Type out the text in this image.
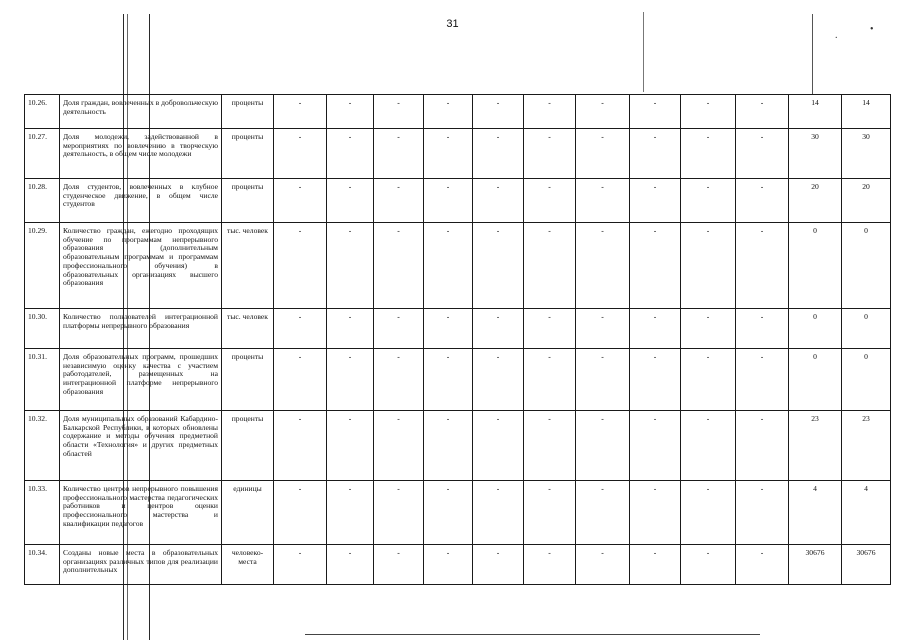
31	•
.
10.26.	Доля граждан, вовлеченных в добровольческую деятельность	проценты	-	-	-	-	-	-	-	-	-	-	14	14
10.27.	Доля молодежи, задействованной в мероприятиях по вовлечению в творческую деятельность, в общем числе молодежи	проценты	-	-	-	-	-	-	-	-	-	-	30	30
10.28.	Доля студентов, вовлеченных в клубное студенческое движение, в общем числе студентов	проценты	-	-	-	-	-	-	-	-	-	-	20	20
10.29.	Количество граждан, ежегодно проходящих обучение по программам непрерывного образования (дополнительным образовательным программам и программам профессионального обучения) в образовательных организациях высшего образования	тыс. человек	-	-	-	-	-	-	-	-	-	-	0	0
10.30.	Количество пользователей интеграционной платформы непрерывного образования	тыс. человек	-	-	-	-	-	-	-	-	-	-	0	0
10.31.	Доля образовательных программ, прошедших независимую оценку качества с участием работодателей, размещенных на интеграционной платформе непрерывного образования	проценты	-	-	-	-	-	-	-	-	-	-	0	0
10.32.	Доля муниципальных образований Кабардино-Балкарской Республики, в которых обновлены содержание и методы обучения предметной области «Технология» и других предметных областей	проценты	-	-	-	-	-	-	-	-	-	-	23	23
10.33.	Количество центров непрерывного повышения профессионального мастерства педагогических работников и центров оценки профессионального мастерства и квалификации педагогов	единицы	-	-	-	-	-	-	-	-	-	-	4	4
10.34.	Созданы новые места в образовательных организациях различных типов для реализации дополнительных	человеко-места	-	-	-	-	-	-	-	-	-	-	30676	30676
